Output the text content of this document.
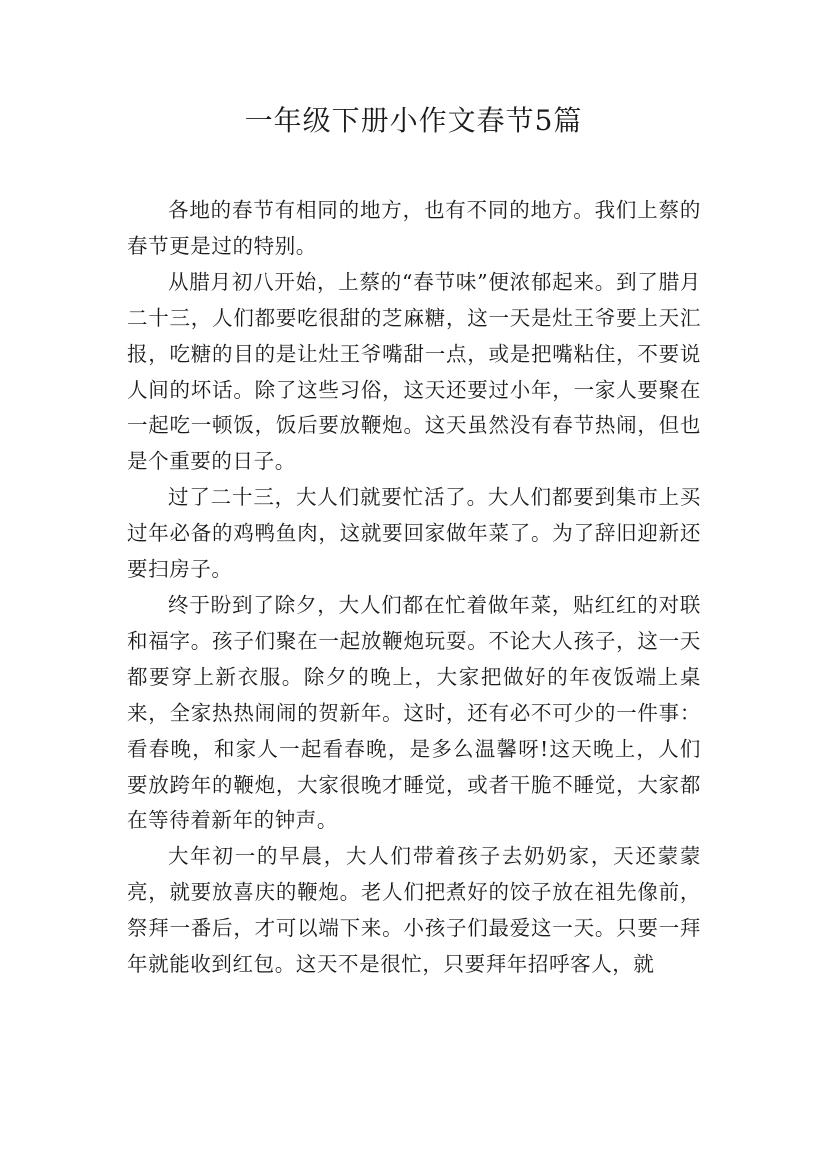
一年级下册小作文春节5篇

各地的春节有相同的地方，也有不同的地方。我们上蔡的春节更是过的特别。

从腊月初八开始，上蔡的“春节味”便浓郁起来。到了腊月二十三，人们都要吃很甜的芝麻糖，这一天是灶王爷要上天汇报，吃糖的目的是让灶王爷嘴甜一点，或是把嘴粘住，不要说人间的坏话。除了这些习俗，这天还要过小年，一家人要聚在一起吃一顿饭，饭后要放鞭炮。这天虽然没有春节热闹，但也是个重要的日子。

过了二十三，大人们就要忙活了。大人们都要到集市上买过年必备的鸡鸭鱼肉，这就要回家做年菜了。为了辞旧迎新还要扫房子。

终于盼到了除夕，大人们都在忙着做年菜，贴红红的对联和福字。孩子们聚在一起放鞭炮玩耍。不论大人孩子，这一天都要穿上新衣服。除夕的晚上，大家把做好的年夜饭端上桌来，全家热热闹闹的贺新年。这时，还有必不可少的一件事：看春晚，和家人一起看春晚，是多么温馨呀!这天晚上，人们要放跨年的鞭炮，大家很晚才睡觉，或者干脆不睡觉，大家都在等待着新年的钟声。

大年初一的早晨，大人们带着孩子去奶奶家，天还蒙蒙亮，就要放喜庆的鞭炮。老人们把煮好的饺子放在祖先像前，祭拜一番后，才可以端下来。小孩子们最爱这一天。只要一拜年就能收到红包。这天不是很忙，只要拜年招呼客人，就
